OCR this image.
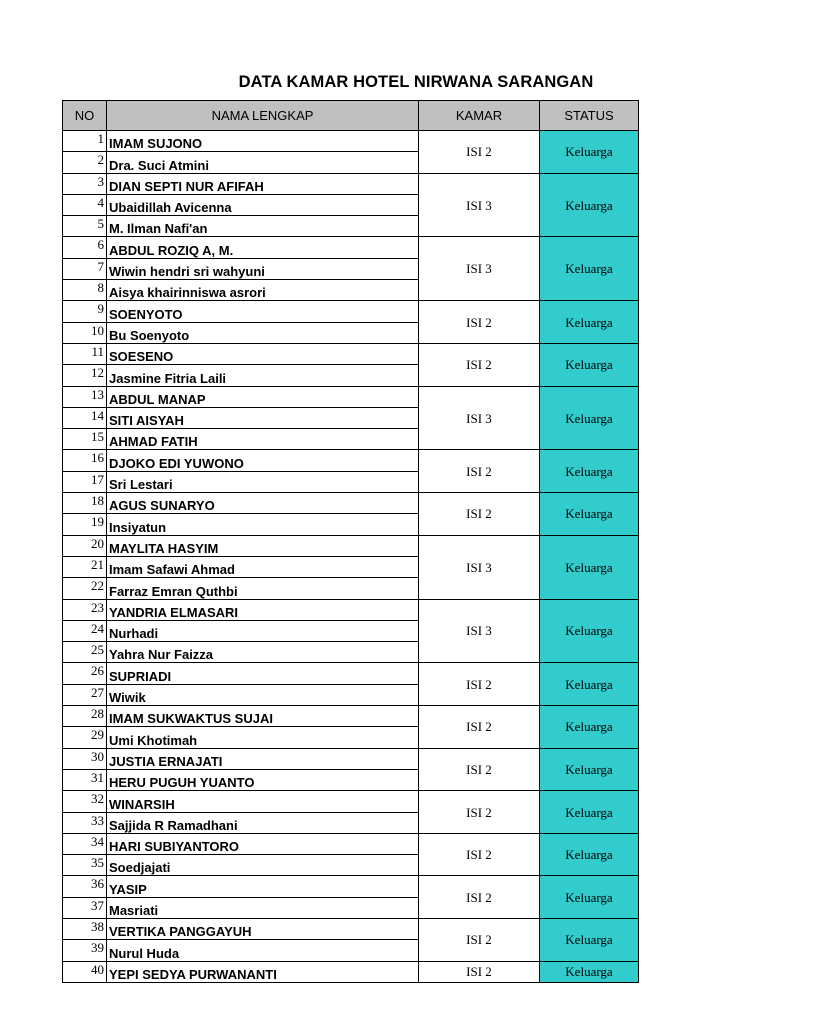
DATA KAMAR HOTEL NIRWANA SARANGAN
NO	NAMA LENGKAP	KAMAR	STATUS
1	IMAM SUJONO	ISI 2	Keluarga
2	Dra. Suci Atmini		
3	DIAN SEPTI NUR AFIFAH	ISI 3	Keluarga
4	Ubaidillah Avicenna		
5	M. Ilman Nafi'an		
6	ABDUL ROZIQ A, M.	ISI 3	Keluarga
7	Wiwin hendri sri wahyuni		
8	Aisya khairinniswa asrori		
9	SOENYOTO	ISI 2	Keluarga
10	Bu Soenyoto		
11	SOESENO	ISI 2	Keluarga
12	Jasmine Fitria Laili		
13	ABDUL MANAP	ISI 3	Keluarga
14	SITI AISYAH		
15	AHMAD FATIH		
16	DJOKO EDI YUWONO	ISI 2	Keluarga
17	Sri Lestari		
18	AGUS SUNARYO	ISI 2	Keluarga
19	Insiyatun		
20	MAYLITA HASYIM	ISI 3	Keluarga
21	Imam Safawi Ahmad		
22	Farraz Emran Quthbi		
23	YANDRIA ELMASARI	ISI 3	Keluarga
24	Nurhadi		
25	Yahra Nur Faizza		
26	SUPRIADI	ISI 2	Keluarga
27	Wiwik		
28	IMAM SUKWAKTUS SUJAI	ISI 2	Keluarga
29	Umi Khotimah		
30	JUSTIA ERNAJATI	ISI 2	Keluarga
31	HERU PUGUH YUANTO		
32	WINARSIH	ISI 2	Keluarga
33	Sajjida R Ramadhani		
34	HARI SUBIYANTORO	ISI 2	Keluarga
35	Soedjajati		
36	YASIP	ISI 2	Keluarga
37	Masriati		
38	VERTIKA PANGGAYUH	ISI 2	Keluarga
39	Nurul Huda		
40	YEPI SEDYA PURWANANTI	ISI 2	Keluarga
